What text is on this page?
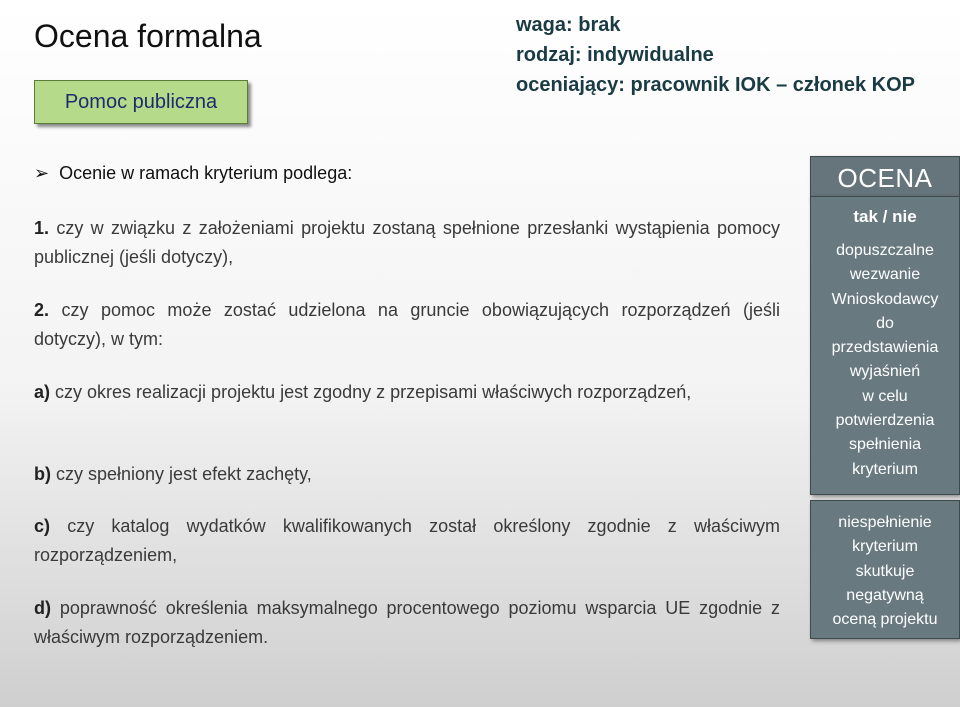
Ocena formalna
Pomoc publiczna
waga: brak
rodzaj: indywidualne
oceniający: pracownik IOK – członek KOP
➢ Ocenie w ramach kryterium podlega:
1. czy w związku z założeniami projektu zostaną spełnione przesłanki wystąpienia pomocy publicznej (jeśli dotyczy),
2. czy pomoc może zostać udzielona na gruncie obowiązujących rozporządzeń (jeśli dotyczy), w tym:
a) czy okres realizacji projektu jest zgodny z przepisami właściwych rozporządzeń,
b) czy spełniony jest efekt zachęty,
c) czy katalog wydatków kwalifikowanych został określony zgodnie z właściwym rozporządzeniem,
d) poprawność określenia maksymalnego procentowego poziomu wsparcia UE zgodnie z właściwym rozporządzeniem.
OCENA
tak / nie
dopuszczalne
wezwanie
Wnioskodawcy
do
przedstawienia
wyjaśnień
w celu
potwierdzenia
spełnienia
kryterium
niespełnienie
kryterium
skutkuje
negatywną
oceną projektu
